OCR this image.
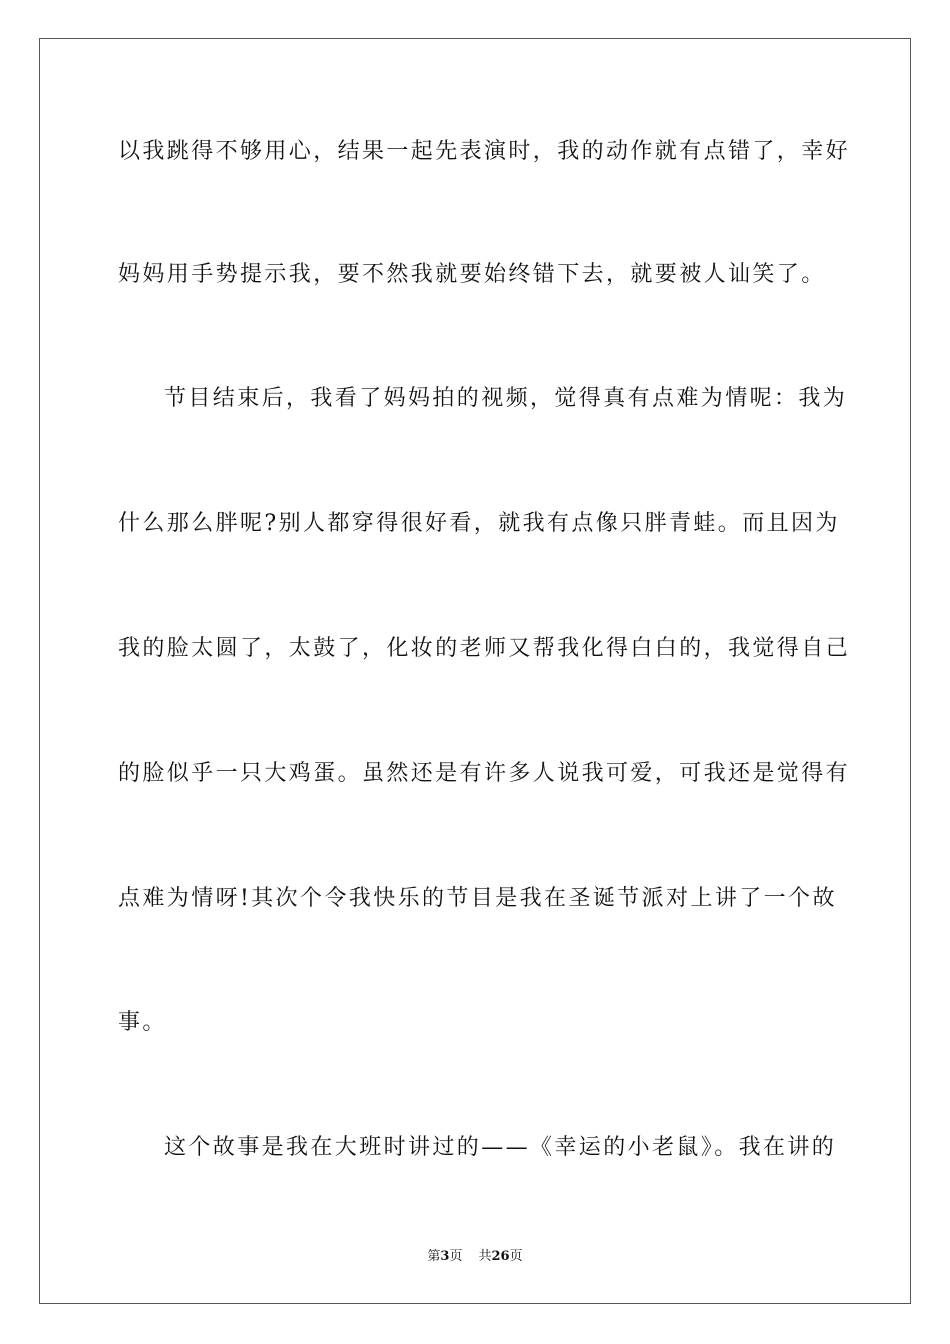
以我跳得不够用心，结果一起先表演时，我的动作就有点错了，幸好
妈妈用手势提示我，要不然我就要始终错下去，就要被人讪笑了。
节目结束后，我看了妈妈拍的视频，觉得真有点难为情呢：我为
什么那么胖呢?别人都穿得很好看，就我有点像只胖青蛙。而且因为
我的脸太圆了，太鼓了，化妆的老师又帮我化得白白的，我觉得自己
的脸似乎一只大鸡蛋。虽然还是有许多人说我可爱，可我还是觉得有
点难为情呀!其次个令我快乐的节目是我在圣诞节派对上讲了一个故
事。
这个故事是我在大班时讲过的——《幸运的小老鼠》。我在讲的
第3页 共26页
